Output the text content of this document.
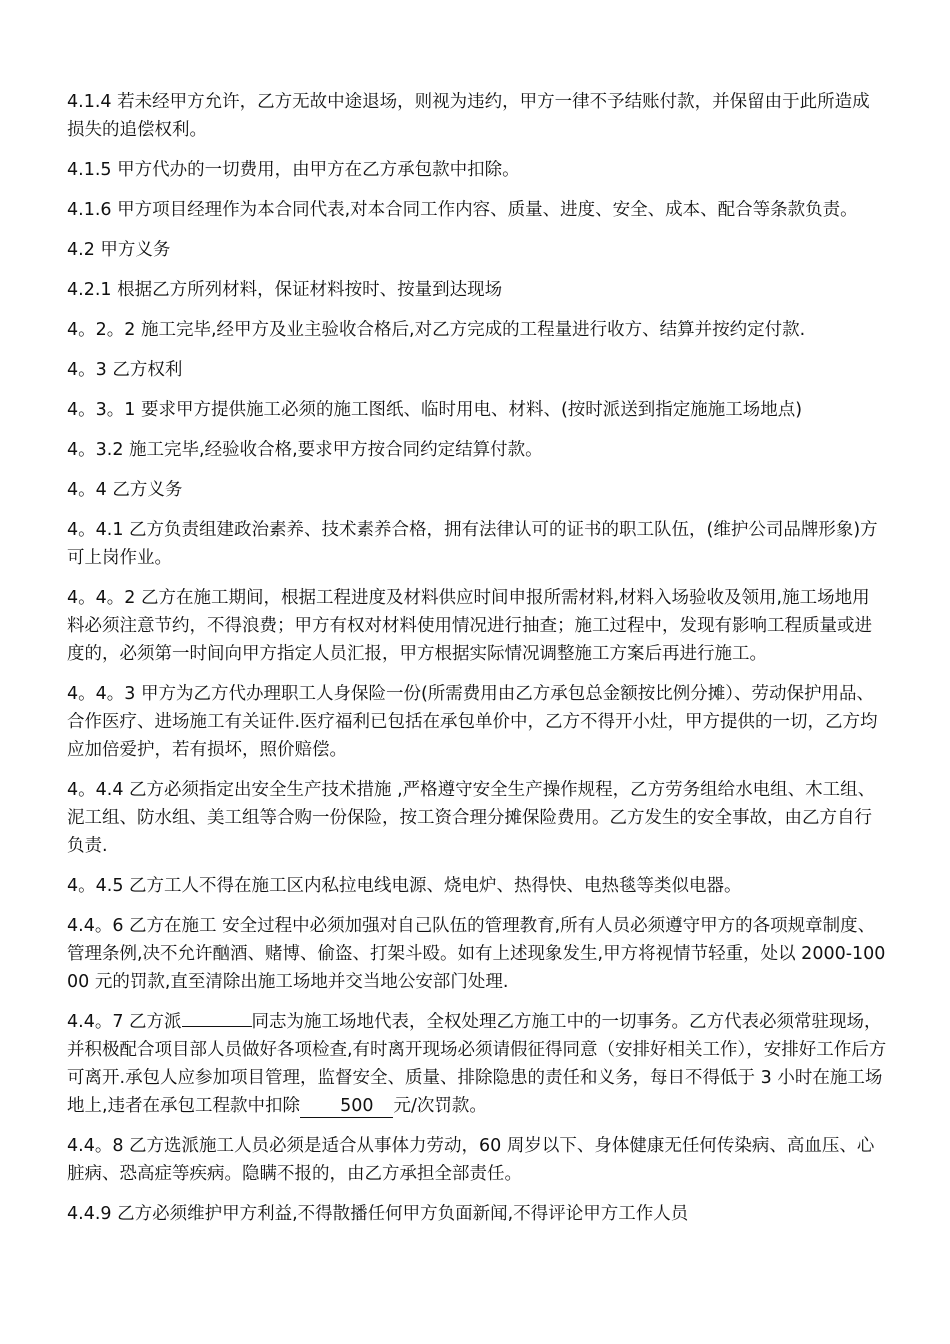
4.1.4 若未经甲方允许，乙方无故中途退场，则视为违约，甲方一律不予结账付款，并保留由于此所造成损失的追偿权利。

4.1.5 甲方代办的一切费用，由甲方在乙方承包款中扣除。

4.1.6 甲方项目经理作为本合同代表,对本合同工作内容、质量、进度、安全、成本、配合等条款负责。

4.2 甲方义务

4.2.1 根据乙方所列材料，保证材料按时、按量到达现场

4。2。2 施工完毕,经甲方及业主验收合格后,对乙方完成的工程量进行收方、结算并按约定付款.

4。3 乙方权利

4。3。1 要求甲方提供施工必须的施工图纸、临时用电、材料、(按时派送到指定施施工场地点)

4。3.2 施工完毕,经验收合格,要求甲方按合同约定结算付款。

4。4 乙方义务

4。4.1 乙方负责组建政治素养、技术素养合格，拥有法律认可的证书的职工队伍，(维护公司品牌形象)方可上岗作业。

4。4。2 乙方在施工期间，根据工程进度及材料供应时间申报所需材料,材料入场验收及领用,施工场地用料必须注意节约，不得浪费；甲方有权对材料使用情况进行抽查；施工过程中，发现有影响工程质量或进度的，必须第一时间向甲方指定人员汇报，甲方根据实际情况调整施工方案后再进行施工。

4。4。3 甲方为乙方代办理职工人身保险一份(所需费用由乙方承包总金额按比例分摊）、劳动保护用品、合作医疗、进场施工有关证件.医疗福利已包括在承包单价中，乙方不得开小灶，甲方提供的一切，乙方均应加倍爱护，若有损坏，照价赔偿。

4。4.4 乙方必须指定出安全生产技术措施 ,严格遵守安全生产操作规程，乙方劳务组给水电组、木工组、泥工组、防水组、美工组等合购一份保险，按工资合理分摊保险费用。乙方发生的安全事故，由乙方自行负责.

4。4.5 乙方工人不得在施工区内私拉电线电源、烧电炉、热得快、电热毯等类似电器。

4.4。6 乙方在施工 安全过程中必须加强对自己队伍的管理教育,所有人员必须遵守甲方的各项规章制度、管理条例,决不允许酗酒、赌博、偷盗、打架斗殴。如有上述现象发生,甲方将视情节轻重，处以 2000-10000 元的罚款,直至清除出施工场地并交当地公安部门处理.

4.4。7 乙方派	同志为施工场地代表，全权处理乙方施工中的一切事务。乙方代表必须常驻现场，并积极配合项目部人员做好各项检查,有时离开现场必须请假征得同意（安排好相关工作），安排好工作后方可离开.承包人应参加项目管理，监督安全、质量、排除隐患的责任和义务，每日不得低于 3 小时在施工场地上,违者在承包工程款中扣除 500 元/次罚款。

4.4。8 乙方选派施工人员必须是适合从事体力劳动，60 周岁以下、身体健康无任何传染病、高血压、心脏病、恐高症等疾病。隐瞒不报的，由乙方承担全部责任。

4.4.9 乙方必须维护甲方利益,不得散播任何甲方负面新闻,不得评论甲方工作人员
